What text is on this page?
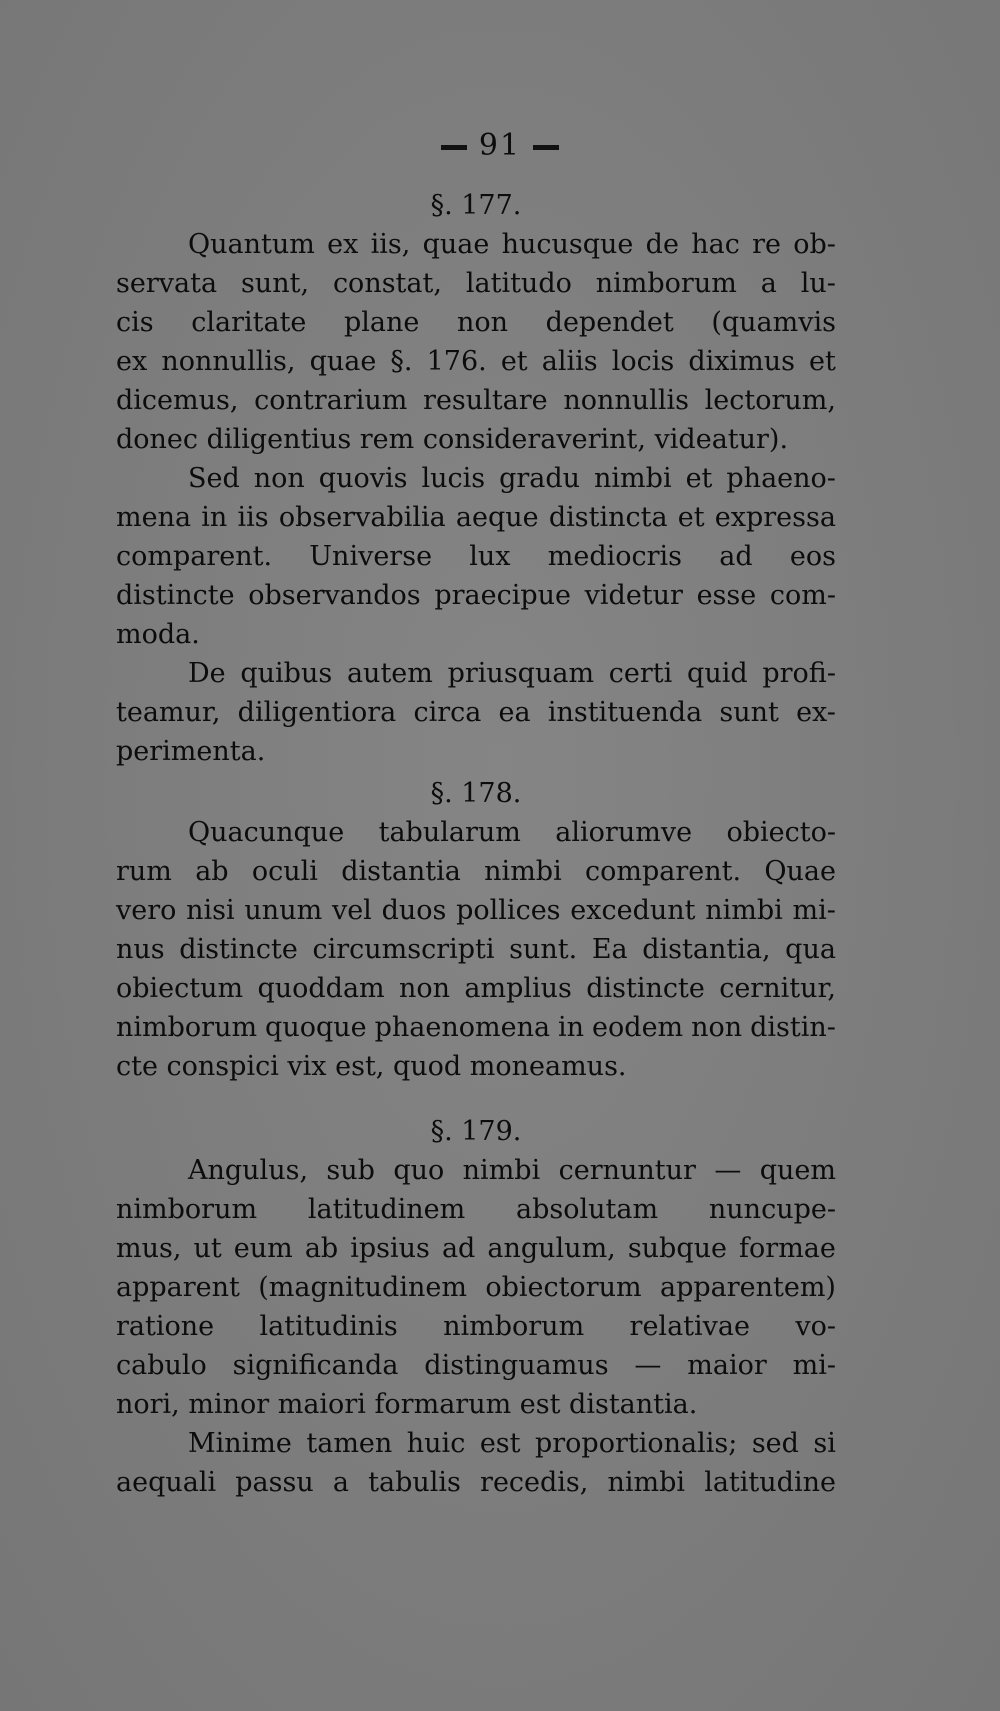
91
§. 177.
Quantum ex iis, quae hucusque de hac re ob-
servata sunt, constat, latitudo nimborum a lu-
cis claritate plane non dependet (quamvis
ex nonnullis, quae §. 176. et aliis locis diximus et
dicemus, contrarium resultare nonnullis lectorum,
donec diligentius rem consideraverint, videatur).
Sed non quovis lucis gradu nimbi et phaeno-
mena in iis observabilia aeque distincta et expressa
comparent. Universe lux mediocris ad eos
distincte observandos praecipue videtur esse com-
moda.
De quibus autem priusquam certi quid profi-
teamur, diligentiora circa ea instituenda sunt ex-
perimenta.
§. 178.
Quacunque tabularum aliorumve obiecto-
rum ab oculi distantia nimbi comparent. Quae
vero nisi unum vel duos pollices excedunt nimbi mi-
nus distincte circumscripti sunt. Ea distantia, qua
obiectum quoddam non amplius distincte cernitur,
nimborum quoque phaenomena in eodem non distin-
cte conspici vix est, quod moneamus.
§. 179.
Angulus, sub quo nimbi cernuntur — quem
nimborum latitudinem absolutam nuncupe-
mus, ut eum ab ipsius ad angulum, subque formae
apparent (magnitudinem obiectorum apparentem)
ratione latitudinis nimborum relativae vo-
cabulo significanda distinguamus — maior mi-
nori, minor maiori formarum est distantia.
Minime tamen huic est proportionalis; sed si
aequali passu a tabulis recedis, nimbi latitudine
